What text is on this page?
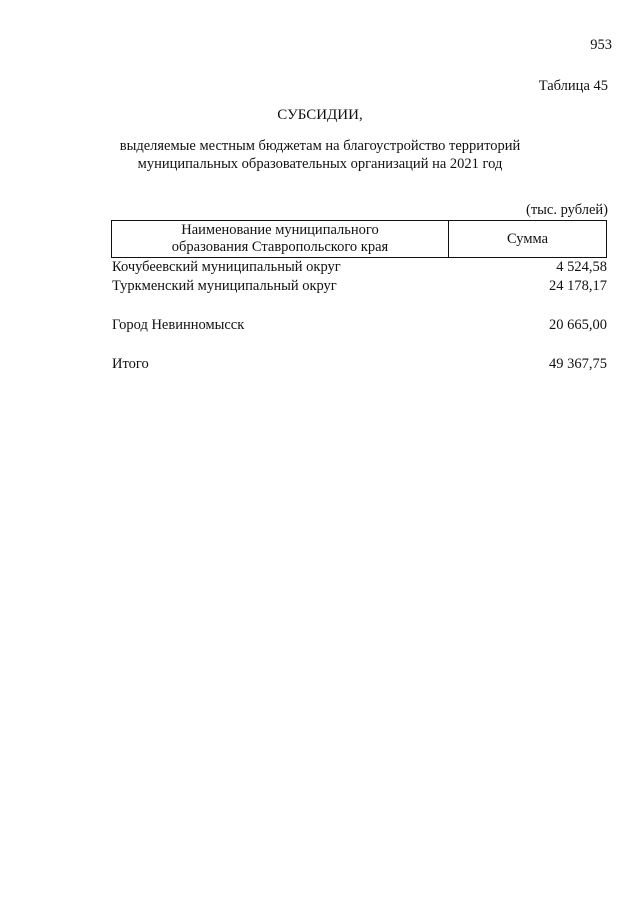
953
Таблица 45
СУБСИДИИ,
выделяемые местным бюджетам на благоустройство территорий муниципальных образовательных организаций на 2021 год
(тыс. рублей)
Наименование муниципального образования Ставропольского края
Сумма
Кочубеевский муниципальный округ	4 524,58
Туркменский муниципальный округ	24 178,17
Город Невинномысск	20 665,00
Итого	49 367,75
